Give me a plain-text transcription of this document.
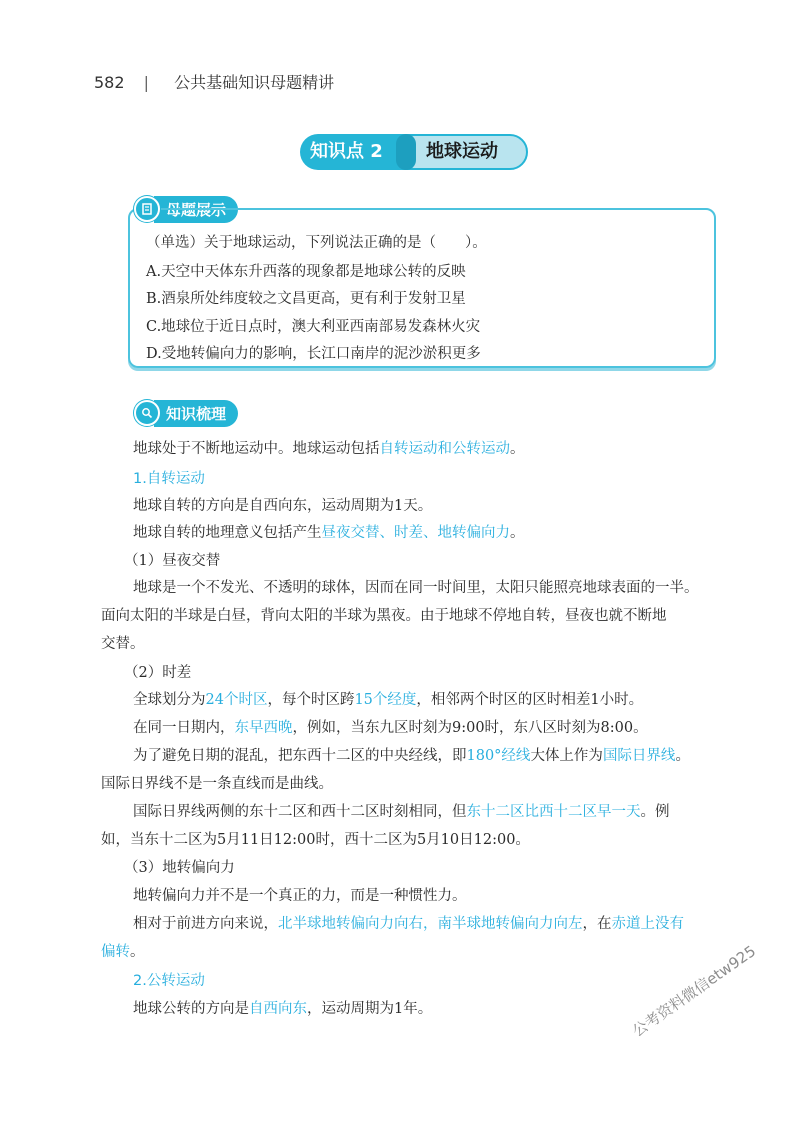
582 | 公共基础知识母题精讲
知识点 2	地球运动
母题展示
（单选）关于地球运动，下列说法正确的是（　　）。
A.天空中天体东升西落的现象都是地球公转的反映
B.酒泉所处纬度较之文昌更高，更有利于发射卫星
C.地球位于近日点时，澳大利亚西南部易发森林火灾
D.受地转偏向力的影响，长江口南岸的泥沙淤积更多
知识梳理
地球处于不断地运动中。地球运动包括自转运动和公转运动。
1.自转运动
地球自转的方向是自西向东，运动周期为1天。
地球自转的地理意义包括产生昼夜交替、时差、地转偏向力。
（1）昼夜交替
地球是一个不发光、不透明的球体，因而在同一时间里，太阳只能照亮地球表面的一半。
面向太阳的半球是白昼，背向太阳的半球为黑夜。由于地球不停地自转，昼夜也就不断地
交替。
（2）时差
全球划分为24个时区，每个时区跨15个经度，相邻两个时区的区时相差1小时。
在同一日期内，东早西晚，例如，当东九区时刻为9:00时，东八区时刻为8:00。
为了避免日期的混乱，把东西十二区的中央经线，即180°经线大体上作为国际日界线。
国际日界线不是一条直线而是曲线。
国际日界线两侧的东十二区和西十二区时刻相同，但东十二区比西十二区早一天。例
如，当东十二区为5月11日12:00时，西十二区为5月10日12:00。
（3）地转偏向力
地转偏向力并不是一个真正的力，而是一种惯性力。
相对于前进方向来说，北半球地转偏向力向右，南半球地转偏向力向左，在赤道上没有
偏转。
2.公转运动
地球公转的方向是自西向东，运动周期为1年。	公考资料微信etw925
